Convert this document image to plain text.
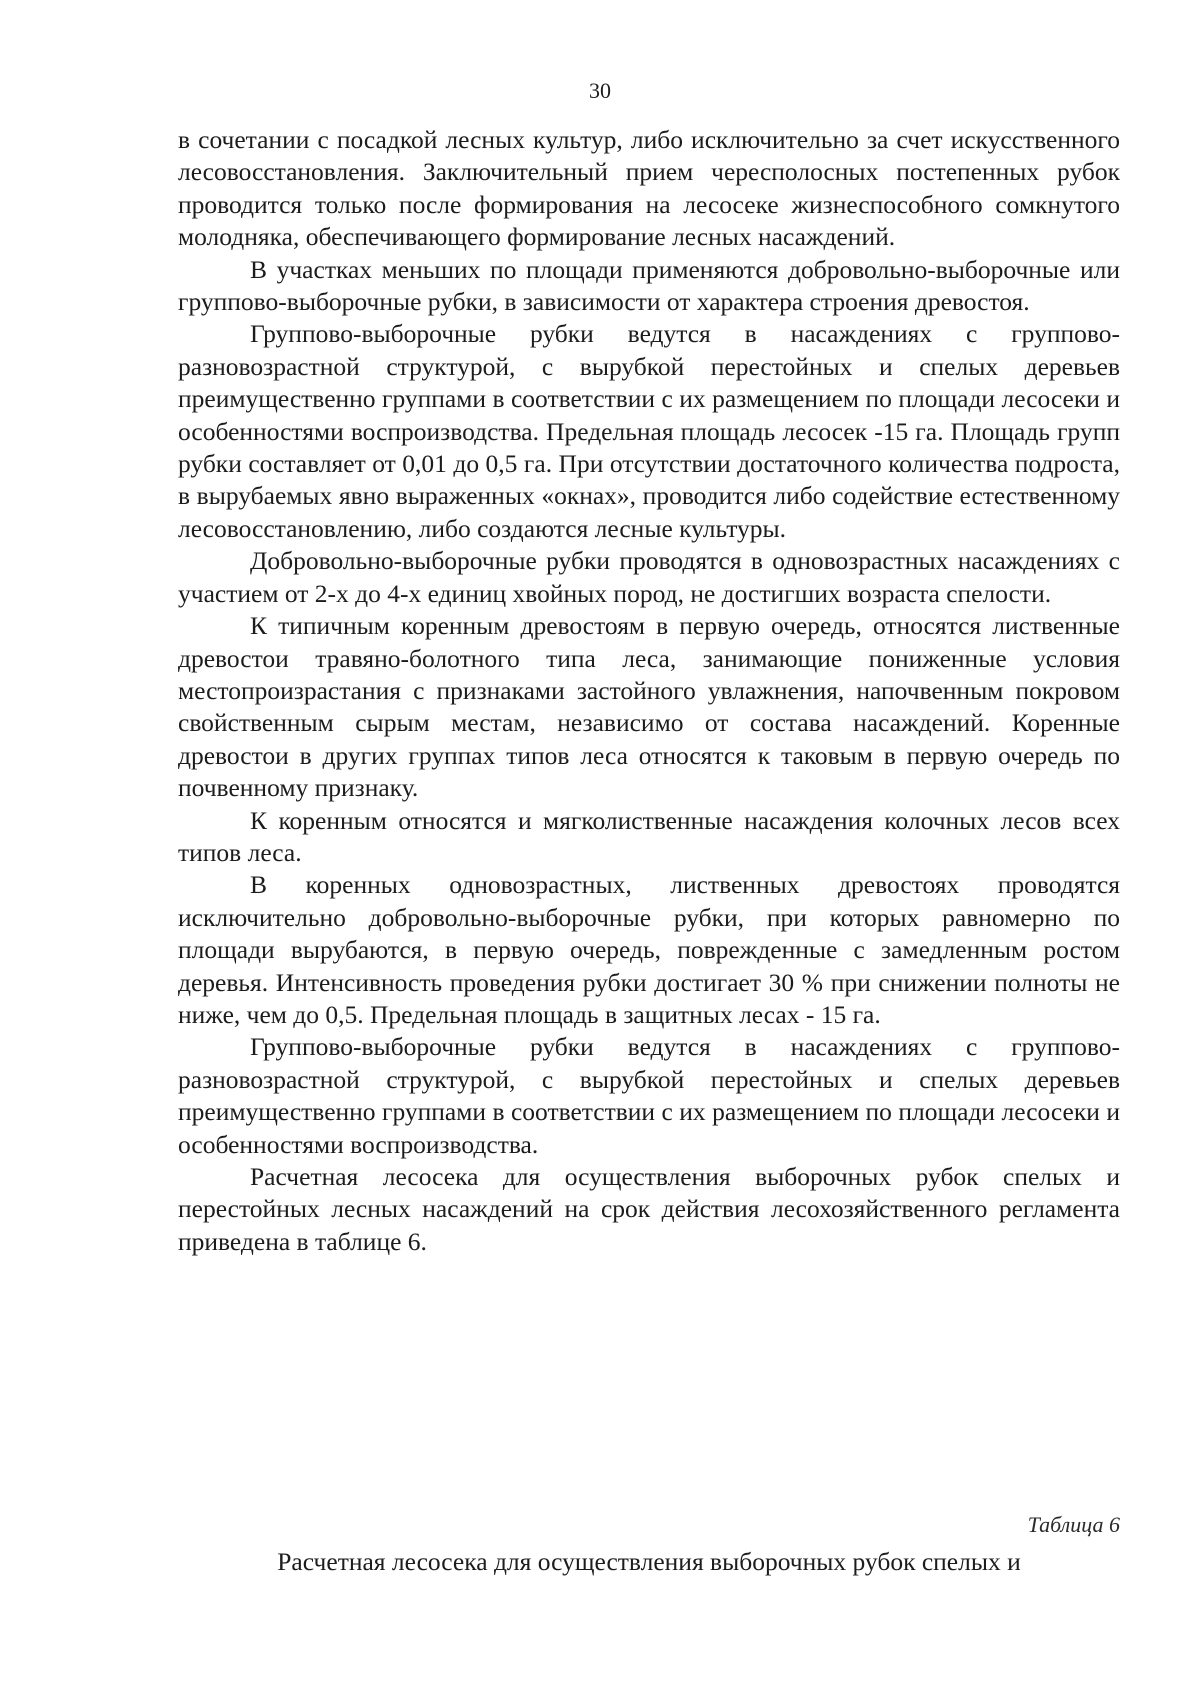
30

в сочетании с посадкой лесных культур, либо исключительно за счет искусственного лесовосстановления. Заключительный прием чересполосных постепенных рубок проводится только после формирования на лесосеке жизнеспособного сомкнутого молодняка, обеспечивающего формирование лесных насаждений.

В участках меньших по площади применяются добровольно-выборочные или группово-выборочные рубки, в зависимости от характера строения древостоя.

Группово-выборочные рубки ведутся в насаждениях с группово-разновозрастной структурой, с вырубкой перестойных и спелых деревьев преимущественно группами в соответствии с их размещением по площади лесосеки и особенностями воспроизводства. Предельная площадь лесосек -15 га. Площадь групп рубки составляет от 0,01 до 0,5 га. При отсутствии достаточного количества подроста, в вырубаемых явно выраженных «окнах», проводится либо содействие естественному лесовосстановлению, либо создаются лесные культуры.

Добровольно-выборочные рубки проводятся в одновозрастных насаждениях с участием от 2-х до 4-х единиц хвойных пород, не достигших возраста спелости.

К типичным коренным древостоям в первую очередь, относятся лиственные древостои травяно-болотного типа леса, занимающие пониженные условия местопроизрастания с признаками застойного увлажнения, напочвенным покровом свойственным сырым местам, независимо от состава насаждений. Коренные древостои в других группах типов леса относятся к таковым в первую очередь по почвенному признаку.

К коренным относятся и мягколиственные насаждения колочных лесов всех типов леса.

В коренных одновозрастных, лиственных древостоях проводятся исключительно добровольно-выборочные рубки, при которых равномерно по площади вырубаются, в первую очередь, поврежденные с замедленным ростом деревья. Интенсивность проведения рубки достигает 30 % при снижении полноты не ниже, чем до 0,5. Предельная площадь в защитных лесах - 15 га.

Группово-выборочные рубки ведутся в насаждениях с группово-разновозрастной структурой, с вырубкой перестойных и спелых деревьев преимущественно группами в соответствии с их размещением по площади лесосеки и особенностями воспроизводства.

Расчетная лесосека для осуществления выборочных рубок спелых и перестойных лесных насаждений на срок действия лесохозяйственного регламента приведена в таблице 6.

Таблица 6
Расчетная лесосека для осуществления выборочных рубок спелых и
